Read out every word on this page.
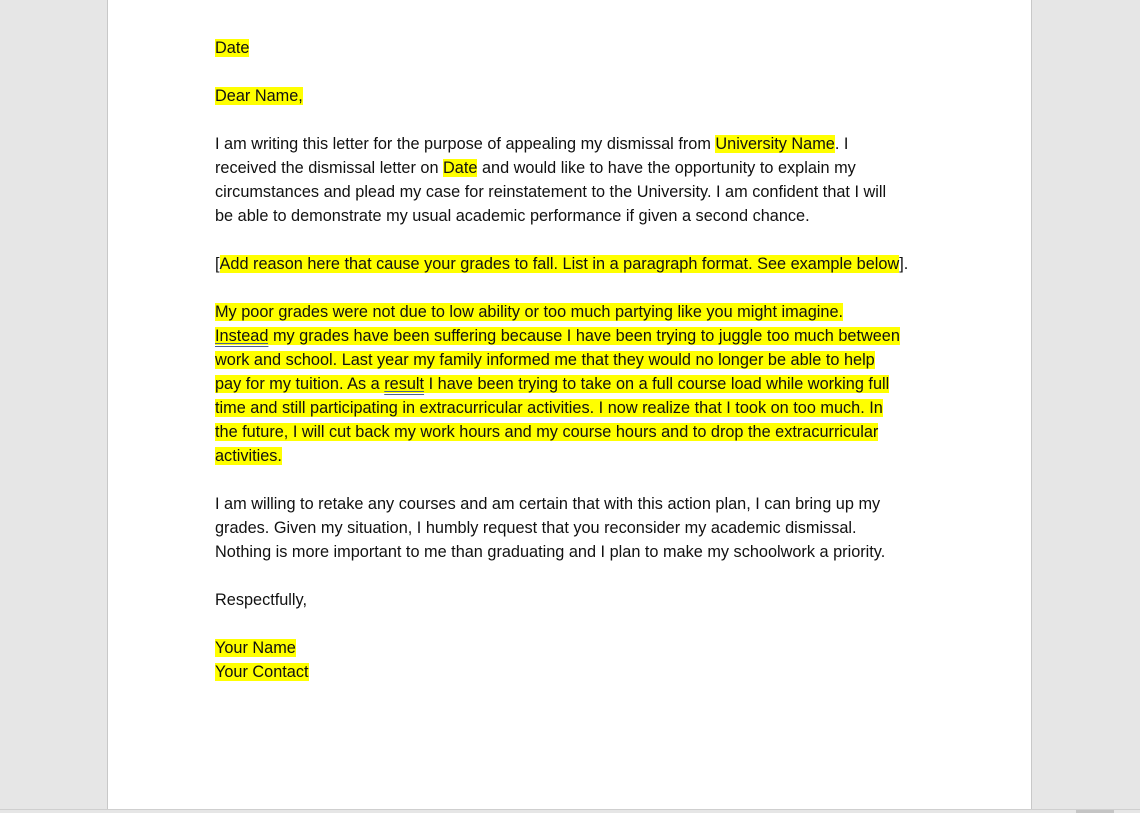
Date

Dear Name,

I am writing this letter for the purpose of appealing my dismissal from University Name. I
received the dismissal letter on Date and would like to have the opportunity to explain my
circumstances and plead my case for reinstatement to the University. I am confident that I will
be able to demonstrate my usual academic performance if given a second chance.

[Add reason here that cause your grades to fall. List in a paragraph format. See example below].

My poor grades were not due to low ability or too much partying like you might imagine.
Instead my grades have been suffering because I have been trying to juggle too much between
work and school. Last year my family informed me that they would no longer be able to help
pay for my tuition. As a result I have been trying to take on a full course load while working full
time and still participating in extracurricular activities. I now realize that I took on too much. In
the future, I will cut back my work hours and my course hours and to drop the extracurricular
activities.

I am willing to retake any courses and am certain that with this action plan, I can bring up my
grades. Given my situation, I humbly request that you reconsider my academic dismissal.
Nothing is more important to me than graduating and I plan to make my schoolwork a priority.

Respectfully,

Your Name

Your Contact
